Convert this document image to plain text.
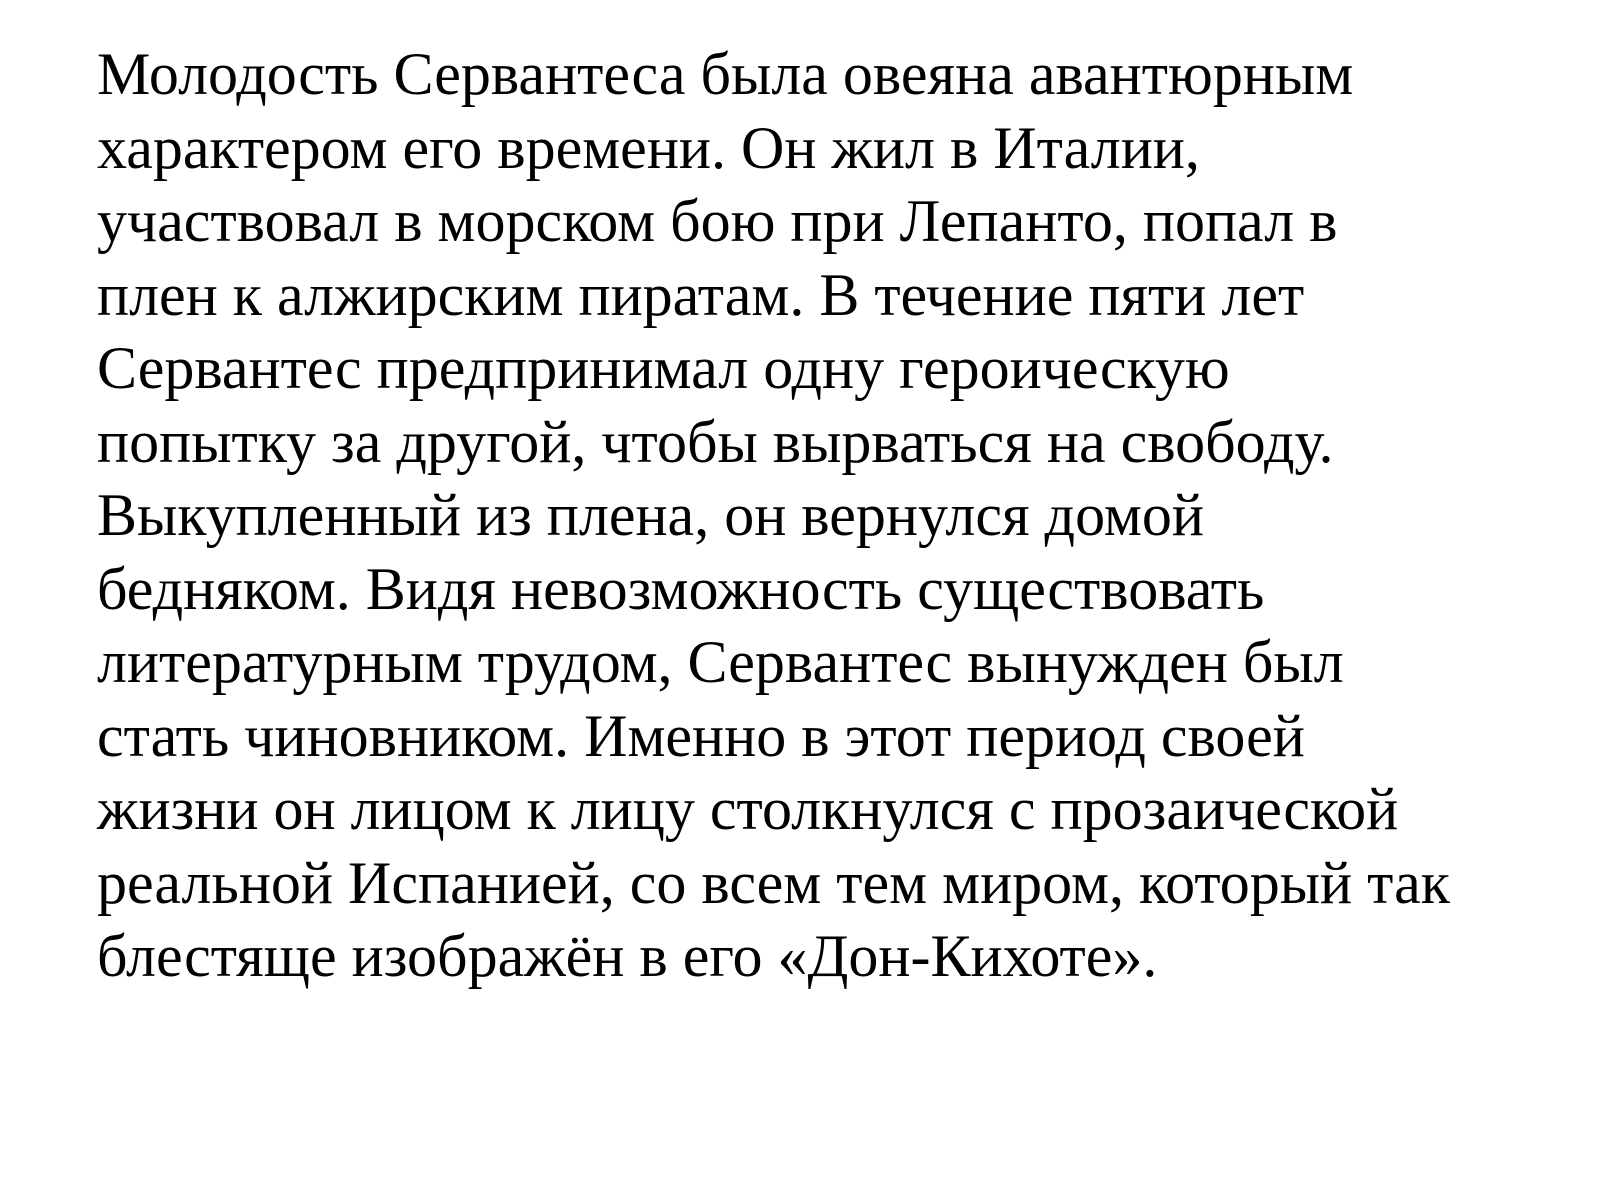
Молодость Сервантеса была овеяна авантюрным
характером его времени. Он жил в Италии,
участвовал в морском бою при Лепанто, попал в
плен к алжирским пиратам. В течение пяти лет
Сервантес предпринимал одну героическую
попытку за другой, чтобы вырваться на свободу.
Выкупленный из плена, он вернулся домой
бедняком. Видя невозможность существовать
литературным трудом, Сервантес вынужден был
стать чиновником. Именно в этот период своей
жизни он лицом к лицу столкнулся с прозаической
реальной Испанией, со всем тем миром, который так
блестяще изображён в его «Дон-Кихоте».
